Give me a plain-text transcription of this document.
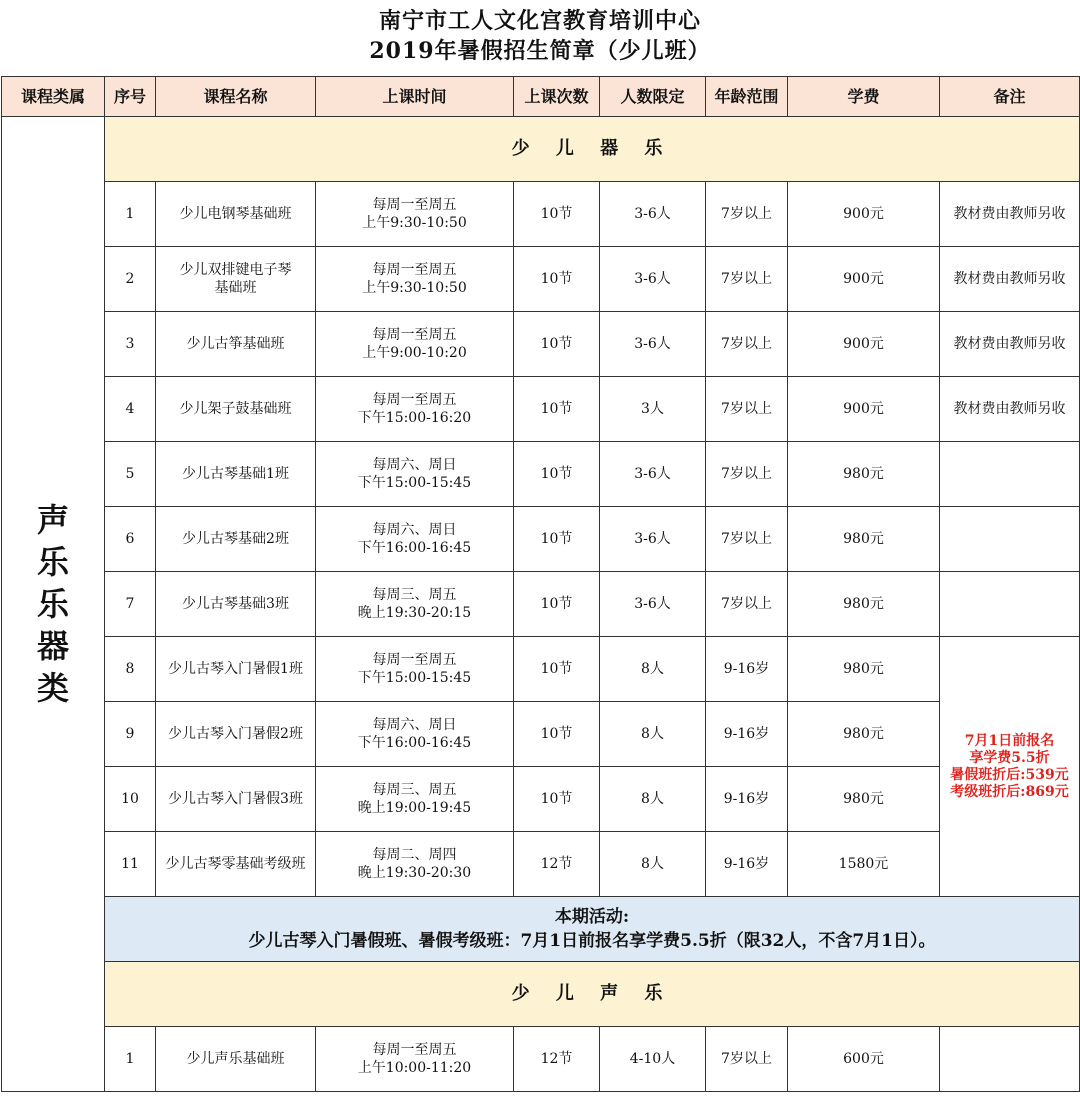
南宁市工人文化宫教育培训中心
2019年暑假招生简章（少儿班）
课程类属	序号	课程名称	上课时间	上课次数	人数限定	年龄范围	学费	备注

声
乐
乐
器
类	少 儿 器 乐							
	1	少儿电钢琴基础班	每周一至周五
上午9:30-10:50	10节	3-6人	7岁以上	900元	教材费由教师另收
	2	少儿双排键电子琴
基础班	每周一至周五
上午9:30-10:50	10节	3-6人	7岁以上	900元	教材费由教师另收
	3	少儿古筝基础班	每周一至周五
上午9:00-10:20	10节	3-6人	7岁以上	900元	教材费由教师另收
	4	少儿架子鼓基础班	每周一至周五
下午15:00-16:20	10节	3人	7岁以上	900元	教材费由教师另收
	5	少儿古琴基础1班	每周六、周日
下午15:00-15:45	10节	3-6人	7岁以上	980元	
	6	少儿古琴基础2班	每周六、周日
下午16:00-16:45	10节	3-6人	7岁以上	980元	
	7	少儿古琴基础3班	每周三、周五
晚上19:30-20:15	10节	3-6人	7岁以上	980元	
	8	少儿古琴入门暑假1班	每周一至周五
下午15:00-15:45	10节	8人	9-16岁	980元	7月1日前报名
享学费5.5折
暑假班折后:539元
考级班折后:869元
	9	少儿古琴入门暑假2班	每周六、周日
下午16:00-16:45	10节	8人	9-16岁	980元	
	10	少儿古琴入门暑假3班	每周三、周五
晚上19:00-19:45	10节	8人	9-16岁	980元	
	11	少儿古琴零基础考级班	每周二、周四
晚上19:30-20:30	12节	8人	9-16岁	1580元	

	本期活动:
少儿古琴入门暑假班、暑假考级班：7月1日前报名享学费5.5折（限32人，不含7月1日）。							

	少 儿 声 乐							
	1	少儿声乐基础班	每周一至周五
上午10:00-11:20	12节	4-10人	7岁以上	600元	
